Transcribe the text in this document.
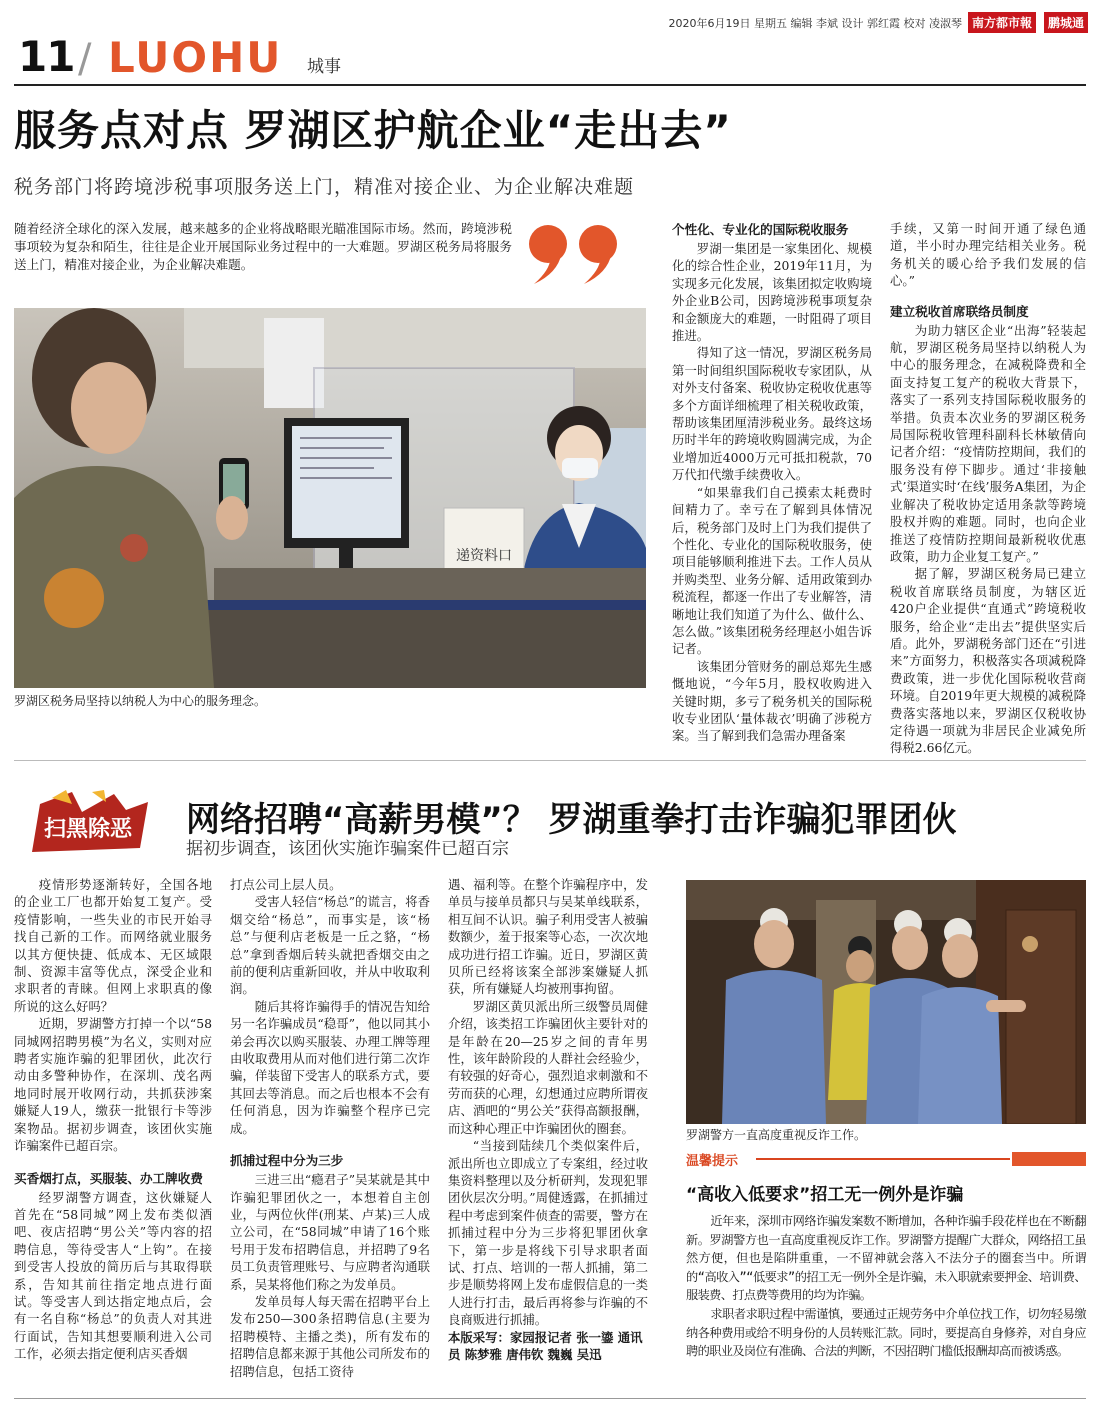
2020年6月19日 星期五 编辑 李斌 设计 郭红霞 校对 凌淑琴 南方都市報	鹏城通
11 / LUOHU 城事
服务点对点 罗湖区护航企业“走出去”
税务部门将跨境涉税事项服务送上门，精准对接企业、为企业解决难题
随着经济全球化的深入发展，越来越多的企业将战略眼光瞄准国际市场。然而，跨境涉税事项较为复杂和陌生，往往是企业开展国际业务过程中的一大难题。罗湖区税务局将服务送上门，精准对接企业，为企业解决难题。
递资料口
罗湖区税务局坚持以纳税人为中心的服务理念。
个性化、专业化的国际税收服务

罗湖一集团是一家集团化、规模化的综合性企业，2019年11月，为实现多元化发展，该集团拟定收购境外企业B公司，因跨境涉税事项复杂和金额庞大的难题，一时阻碍了项目推进。

得知了这一情况，罗湖区税务局第一时间组织国际税收专家团队，从对外支付备案、税收协定税收优惠等多个方面详细梳理了相关税收政策，帮助该集团厘清涉税业务。最终这场历时半年的跨境收购圆满完成，为企业增加近4000万元可抵扣税款，70万代扣代缴手续费收入。

“如果靠我们自己摸索太耗费时间精力了。幸亏在了解到具体情况后，税务部门及时上门为我们提供了个性化、专业化的国际税收服务，使项目能够顺利推进下去。工作人员从并购类型、业务分解、适用政策到办税流程，都逐一作出了专业解答，清晰地让我们知道了为什么、做什么、怎么做。”该集团税务经理赵小姐告诉记者。

该集团分管财务的副总郑先生感慨地说，“今年5月，股权收购进入关键时期，多亏了税务机关的国际税收专业团队‘量体裁衣’明确了涉税方案。当了解到我们急需办理备案

手续，又第一时间开通了绿色通道，半小时办理完结相关业务。税务机关的暖心给予我们发展的信心。”

建立税收首席联络员制度

为助力辖区企业“出海”轻装起航，罗湖区税务局坚持以纳税人为中心的服务理念，在减税降费和全面支持复工复产的税收大背景下，落实了一系列支持国际税收服务的举措。负责本次业务的罗湖区税务局国际税收管理科副科长林敏倩向记者介绍：“疫情防控期间，我们的服务没有停下脚步。通过‘非接触式’渠道实时‘在线’服务A集团，为企业解决了税收协定适用条款等跨境股权并购的难题。同时，也向企业推送了疫情防控期间最新税收优惠政策，助力企业复工复产。”

据了解，罗湖区税务局已建立税收首席联络员制度，为辖区近420户企业提供“直通式”跨境税收服务，给企业“走出去”提供坚实后盾。此外，罗湖税务部门还在“引进来”方面努力，积极落实各项减税降费政策，进一步优化国际税收营商环境。自2019年更大规模的减税降费落实落地以来，罗湖区仅税收协定待遇一项就为非居民企业减免所得税2.66亿元。

扫黑除恶 网络招聘“高薪男模”？ 罗湖重拳打击诈骗犯罪团伙
据初步调查，该团伙实施诈骗案件已超百宗

疫情形势逐渐转好，全国各地的企业工厂也都开始复工复产。受疫情影响，一些失业的市民开始寻找自己新的工作。而网络就业服务以其方便快捷、低成本、无区域限制、资源丰富等优点，深受企业和求职者的青睐。但网上求职真的像所说的这么好吗？

近期，罗湖警方打掉一个以“58同城网招聘男模”为名义，实则对应聘者实施诈骗的犯罪团伙，此次行动由多警种协作，在深圳、茂名两地同时展开收网行动，共抓获涉案嫌疑人19人，缴获一批银行卡等涉案物品。据初步调查，该团伙实施诈骗案件已超百宗。

买香烟打点，买服装、办工牌收费

经罗湖警方调查，这伙嫌疑人首先在“58同城”网上发布类似酒吧、夜店招聘“男公关”等内容的招聘信息，等待受害人“上钩”。在接到受害人投放的简历后与其取得联系，告知其前往指定地点进行面试。等受害人到达指定地点后，会有一名自称“杨总”的负责人对其进行面试，告知其想要顺利进入公司工作，必须去指定便利店买香烟

打点公司上层人员。

受害人轻信“杨总”的谎言，将香烟交给“杨总”，而事实是，该“杨总”与便利店老板是一丘之貉，“杨总”拿到香烟后转头就把香烟交由之前的便利店重新回收，并从中收取利润。

随后其将诈骗得手的情况告知给另一名诈骗成员“稳哥”，他以同其小弟会再次以购买服装、办理工牌等理由收取费用从而对他们进行第二次诈骗，佯装留下受害人的联系方式，要其回去等消息。而之后也根本不会有任何消息，因为诈骗整个程序已完成。

抓捕过程中分为三步

三进三出“瘾君子”吴某就是其中诈骗犯罪团伙之一，本想着自主创业，与两位伙伴(刑某、卢某)三人成立公司，在“58同城”申请了16个账号用于发布招聘信息，并招聘了9名员工负责管理账号、与应聘者沟通联系，吴某将他们称之为发单员。

发单员每人每天需在招聘平台上发布250—300条招聘信息(主要为招聘模特、主播之类)，所有发布的招聘信息都来源于其他公司所发布的招聘信息，包括工资待

遇、福利等。在整个诈骗程序中，发单员与接单员都只与吴某单线联系，相互间不认识。骗子利用受害人被骗数额少，羞于报案等心态，一次次地成功进行招工诈骗。近日，罗湖区黄贝所已经将该案全部涉案嫌疑人抓获，所有嫌疑人均被刑事拘留。

罗湖区黄贝派出所三级警员周健介绍，该类招工诈骗团伙主要针对的是年龄在20—25岁之间的青年男性，该年龄阶段的人群社会经验少，有较强的好奇心，强烈追求刺激和不劳而获的心理，幻想通过应聘所谓夜店、酒吧的“男公关”获得高额报酬，而这种心理正中诈骗团伙的圈套。

“当接到陆续几个类似案件后，派出所也立即成立了专案组，经过收集资料整理以及分析研判，发现犯罪团伙层次分明。”周健透露，在抓捕过程中考虑到案件侦查的需要，警方在抓捕过程中分为三步将犯罪团伙拿下，第一步是将线下引导求职者面试、打点、培训的一帮人抓捕，第二步是顺势将网上发布虚假信息的一类人进行打击，最后再将参与诈骗的不良商贩进行抓捕。

本版采写：家园报记者 张一鎏 通讯员 陈梦雅 唐伟钦 魏巍 吴迅
罗湖警方一直高度重视反诈工作。
温馨提示
“高收入低要求”招工无一例外是诈骗

近年来，深圳市网络诈骗发案数不断增加，各种诈骗手段花样也在不断翻新。罗湖警方也一直高度重视反诈工作。罗湖警方提醒广大群众，网络招工虽然方便，但也是陷阱重重，一不留神就会落入不法分子的圈套当中。所谓的“高收入”“低要求”的招工无一例外全是诈骗，未入职就索要押金、培训费、服装费、打点费等费用的均为诈骗。

求职者求职过程中需谨慎，要通过正规劳务中介单位找工作，切勿轻易缴纳各种费用或给不明身份的人员转账汇款。同时，要提高自身修养，对自身应聘的职业及岗位有准确、合法的判断，不因招聘门槛低报酬却高而被诱惑。
